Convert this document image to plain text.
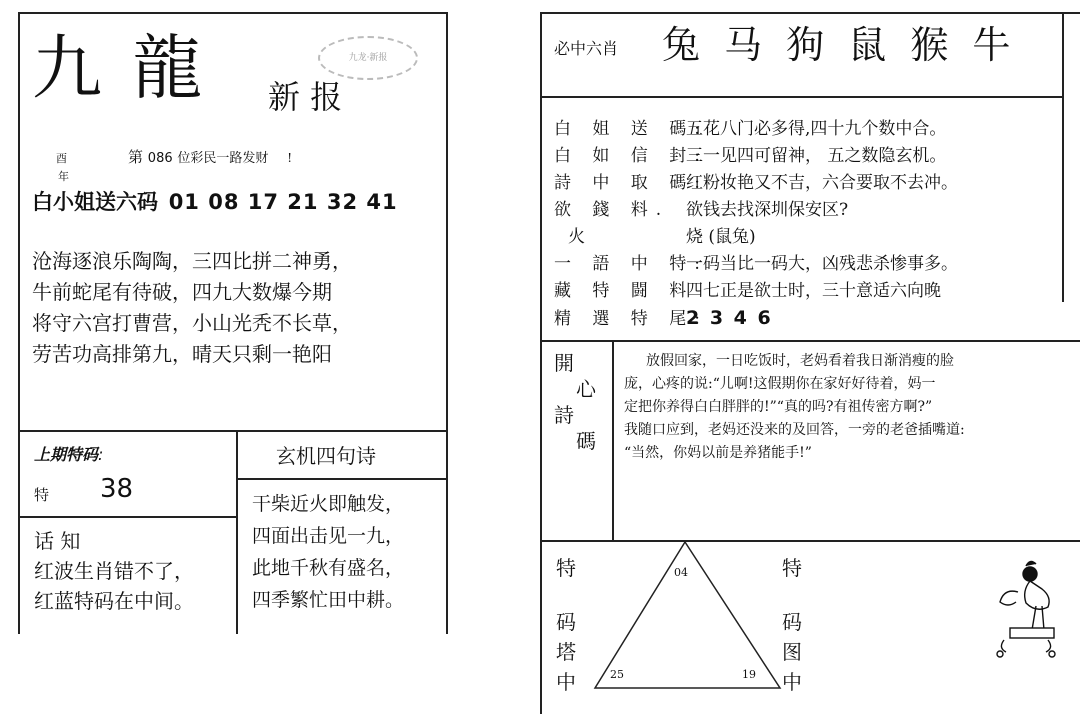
九 龍 新 报
九龙·新报
酉
年
第 086 位彩民一路发财 !
白小姐送六码 01 08 17 21 32 41
沧海逐浪乐陶陶，三四比拼二神勇，
牛前蛇尾有待破，四九大数爆今期
将守六宫打曹营，小山光秃不长草，
劳苦功高排第九，晴天只剩一艳阳
上期特码:
特 38
话 知
红波生肖错不了，
红蓝特码在中间。
玄机四句诗
干柴近火即触发，
四面出击见一九，
此地千秋有盛名，
四季繁忙田中耕。
必中六肖 兔 马 狗 鼠 猴 牛
白 姐 送 碼:五花八门必多得,四十九个数中合。
白 如 信 封:三一见四可留神， 五之数隐玄机。
詩 中 取 碼:红粉妆艳又不吉，六合要取不去冲。
欲 錢 料. 欲钱去找深圳保安区?
火	烧 (鼠兔)
一 語 中 特:一码当比一码大，凶残悲杀惨事多。
藏 特 闘 料四七正是欲士时，三十意适六向晚
精 選 特 尾:2 3 4 6
開
心
詩
碼
放假回家，一日吃饭时，老妈看着我日渐消瘦的脸
庞，心疼的说:“儿啊!这假期你在家好好待着，妈一
定把你养得白白胖胖的!”“真的吗?有祖传密方啊?”
我随口应到，老妈还没来的及回答，一旁的老爸插嘴道:
“当然，你妈以前是养猪能手!”
特
码
塔
中
特
码
图
中
04
25	19
